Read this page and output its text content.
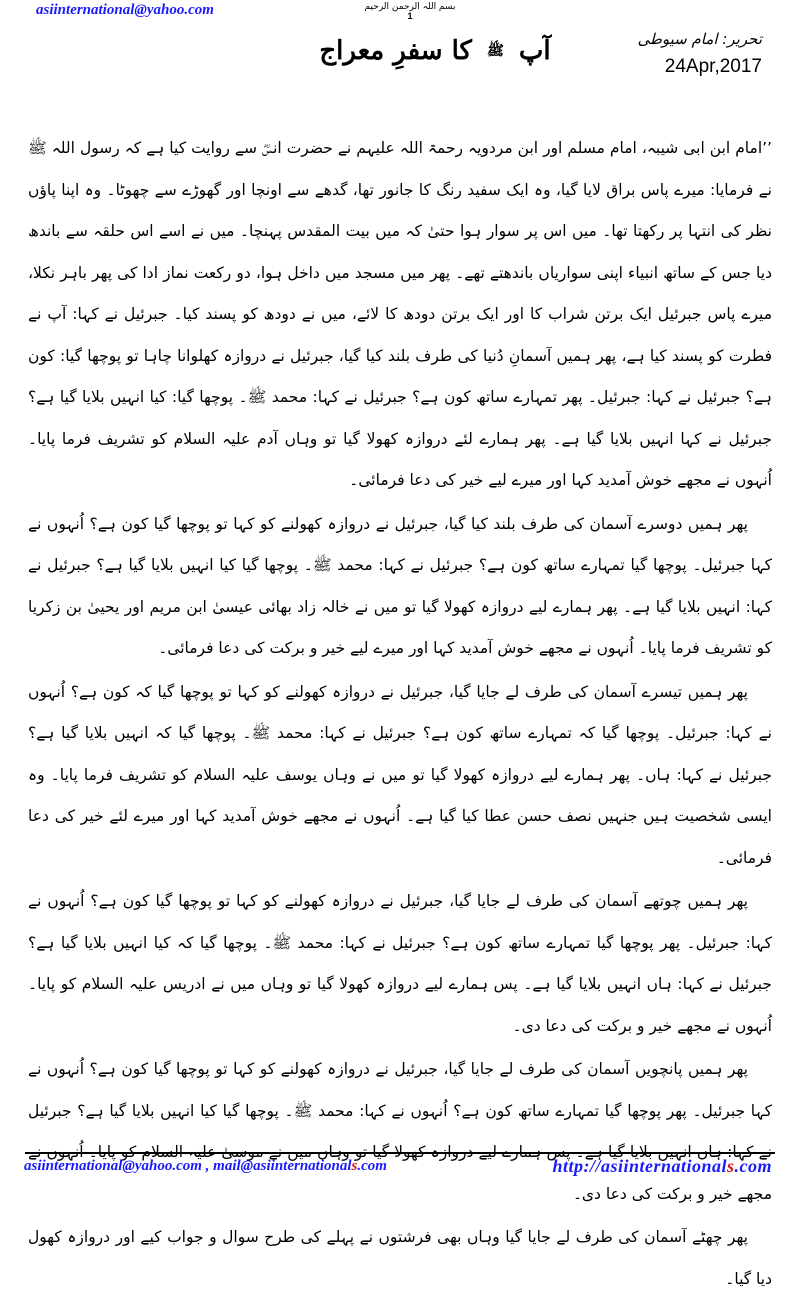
asiinternational@yahoo.com	بسم اللہ الرحمن الرحیم
1
آپ ﷺ کا سفرِ معراج	تحریر: امام سیوطی
24Apr,2017

’’امام ابن ابی شیبہ، امام مسلم اور ابن مردویہ رحمۃ اللہ علیہم نے حضرت انسؓ سے روایت کیا ہے کہ رسول اللہ ﷺ نے فرمایا: میرے پاس براق لایا گیا، وہ ایک سفید رنگ کا جانور تھا، گدھے سے اونچا اور گھوڑے سے چھوٹا۔ وہ اپنا پاؤں نظر کی انتہا پر رکھتا تھا۔ میں اس پر سوار ہوا حتیٰ کہ میں بیت المقدس پہنچا۔ میں نے اسے اس حلقہ سے باندھ دیا جس کے ساتھ انبیاء اپنی سواریاں باندھتے تھے۔ پھر میں مسجد میں داخل ہوا، دو رکعت نماز ادا کی پھر باہر نکلا، میرے پاس جبرئیل ایک برتن شراب کا اور ایک برتن دودھ کا لائے، میں نے دودھ کو پسند کیا۔ جبرئیل نے کہا: آپ نے فطرت کو پسند کیا ہے، پھر ہمیں آسمانِ دُنیا کی طرف بلند کیا گیا، جبرئیل نے دروازہ کھلوانا چاہا تو پوچھا گیا: کون ہے؟ جبرئیل نے کہا: جبرئیل۔ پھر تمہارے ساتھ کون ہے؟ جبرئیل نے کہا: محمد ﷺ۔ پوچھا گیا: کیا انہیں بلایا گیا ہے؟ جبرئیل نے کہا انہیں بلایا گیا ہے۔ پھر ہمارے لئے دروازہ کھولا گیا تو وہاں آدم علیہ السلام کو تشریف فرما پایا۔ اُنہوں نے مجھے خوش آمدید کہا اور میرے لیے خیر کی دعا فرمائی۔

پھر ہمیں دوسرے آسمان کی طرف بلند کیا گیا، جبرئیل نے دروازہ کھولنے کو کہا تو پوچھا گیا کون ہے؟ اُنہوں نے کہا جبرئیل۔ پوچھا گیا تمہارے ساتھ کون ہے؟ جبرئیل نے کہا: محمد ﷺ۔ پوچھا گیا کیا انہیں بلایا گیا ہے؟ جبرئیل نے کہا: انہیں بلایا گیا ہے۔ پھر ہمارے لیے دروازہ کھولا گیا تو میں نے خالہ زاد بھائی عیسیٰ ابن مریم اور یحییٰ بن زکریا کو تشریف فرما پایا۔ اُنہوں نے مجھے خوش آمدید کہا اور میرے لیے خیر و برکت کی دعا فرمائی۔

پھر ہمیں تیسرے آسمان کی طرف لے جایا گیا، جبرئیل نے دروازہ کھولنے کو کہا تو پوچھا گیا کہ کون ہے؟ اُنہوں نے کہا: جبرئیل۔ پوچھا گیا کہ تمہارے ساتھ کون ہے؟ جبرئیل نے کہا: محمد ﷺ۔ پوچھا گیا کہ انہیں بلایا گیا ہے؟ جبرئیل نے کہا: ہاں۔ پھر ہمارے لیے دروازہ کھولا گیا تو میں نے وہاں یوسف علیہ السلام کو تشریف فرما پایا۔ وہ ایسی شخصیت ہیں جنہیں نصف حسن عطا کیا گیا ہے۔ اُنہوں نے مجھے خوش آمدید کہا اور میرے لئے خیر کی دعا فرمائی۔

پھر ہمیں چوتھے آسمان کی طرف لے جایا گیا، جبرئیل نے دروازہ کھولنے کو کہا تو پوچھا گیا کون ہے؟ اُنہوں نے کہا: جبرئیل۔ پھر پوچھا گیا تمہارے ساتھ کون ہے؟ جبرئیل نے کہا: محمد ﷺ۔ پوچھا گیا کہ کیا انہیں بلایا گیا ہے؟ جبرئیل نے کہا: ہاں انہیں بلایا گیا ہے۔ پس ہمارے لیے دروازہ کھولا گیا تو وہاں میں نے ادریس علیہ السلام کو پایا۔ اُنہوں نے مجھے خیر و برکت کی دعا دی۔

پھر ہمیں پانچویں آسمان کی طرف لے جایا گیا، جبرئیل نے دروازہ کھولنے کو کہا تو پوچھا گیا کون ہے؟ اُنہوں نے کہا جبرئیل۔ پھر پوچھا گیا تمہارے ساتھ کون ہے؟ اُنہوں نے کہا: محمد ﷺ۔ پوچھا گیا کیا انہیں بلایا گیا ہے؟ جبرئیل نے کہا: ہاں انہیں بلایا گیا ہے۔ پس ہمارے لیے دروازہ کھولا گیا تو وہاں میں نے موسیٰ علیہ السلام کو پایا۔ اُنہوں نے مجھے خیر و برکت کی دعا دی۔

پھر چھٹے آسمان کی طرف لے جایا گیا وہاں بھی فرشتوں نے پہلے کی طرح سوال و جواب کیے اور دروازہ کھول دیا گیا۔

asiinternational@yahoo.com , mail@asiinternationals.com	http://asiinternationals.com
